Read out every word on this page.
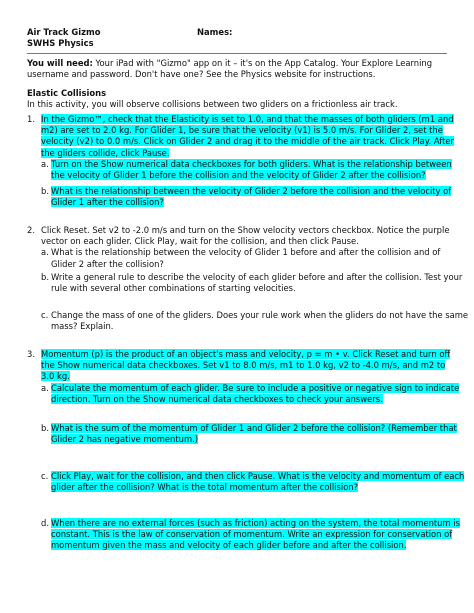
Air Track Gizmo	Names:
SWHS Physics
You will need: Your iPad with "Gizmo" app on it – it's on the App Catalog. Your Explore Learning
username and password. Don't have one? See the Physics website for instructions.
Elastic Collisions
In this activity, you will observe collisions between two gliders on a frictionless air track.
1. In the Gizmo™, check that the Elasticity is set to 1.0, and that the masses of both gliders (m1 and
m2) are set to 2.0 kg. For Glider 1, be sure that the velocity (v1) is 5.0 m/s. For Glider 2, set the
velocity (v2) to 0.0 m/s. Click on Glider 2 and drag it to the middle of the air track. Click Play. After
the gliders collide, click Pause.
a. Turn on the Show numerical data checkboxes for both gliders. What is the relationship between
the velocity of Glider 1 before the collision and the velocity of Glider 2 after the collision?
b. What is the relationship between the velocity of Glider 2 before the collision and the velocity of
Glider 1 after the collision?
2. Click Reset. Set v2 to -2.0 m/s and turn on the Show velocity vectors checkbox. Notice the purple
vector on each glider. Click Play, wait for the collision, and then click Pause.
a. What is the relationship between the velocity of Glider 1 before and after the collision and of
Glider 2 after the collision?
b. Write a general rule to describe the velocity of each glider before and after the collision. Test your
rule with several other combinations of starting velocities.
c. Change the mass of one of the gliders. Does your rule work when the gliders do not have the same
mass? Explain.
3. Momentum (p) is the product of an object's mass and velocity, p = m • v. Click Reset and turn off
the Show numerical data checkboxes. Set v1 to 8.0 m/s, m1 to 1.0 kg, v2 to -4.0 m/s, and m2 to
3.0 kg.
a. Calculate the momentum of each glider. Be sure to include a positive or negative sign to indicate
direction. Turn on the Show numerical data checkboxes to check your answers.
b. What is the sum of the momentum of Glider 1 and Glider 2 before the collision? (Remember that
Glider 2 has negative momentum.)
c. Click Play, wait for the collision, and then click Pause. What is the velocity and momentum of each
glider after the collision? What is the total momentum after the collision?
d. When there are no external forces (such as friction) acting on the system, the total momentum is
constant. This is the law of conservation of momentum. Write an expression for conservation of
momentum given the mass and velocity of each glider before and after the collision.
